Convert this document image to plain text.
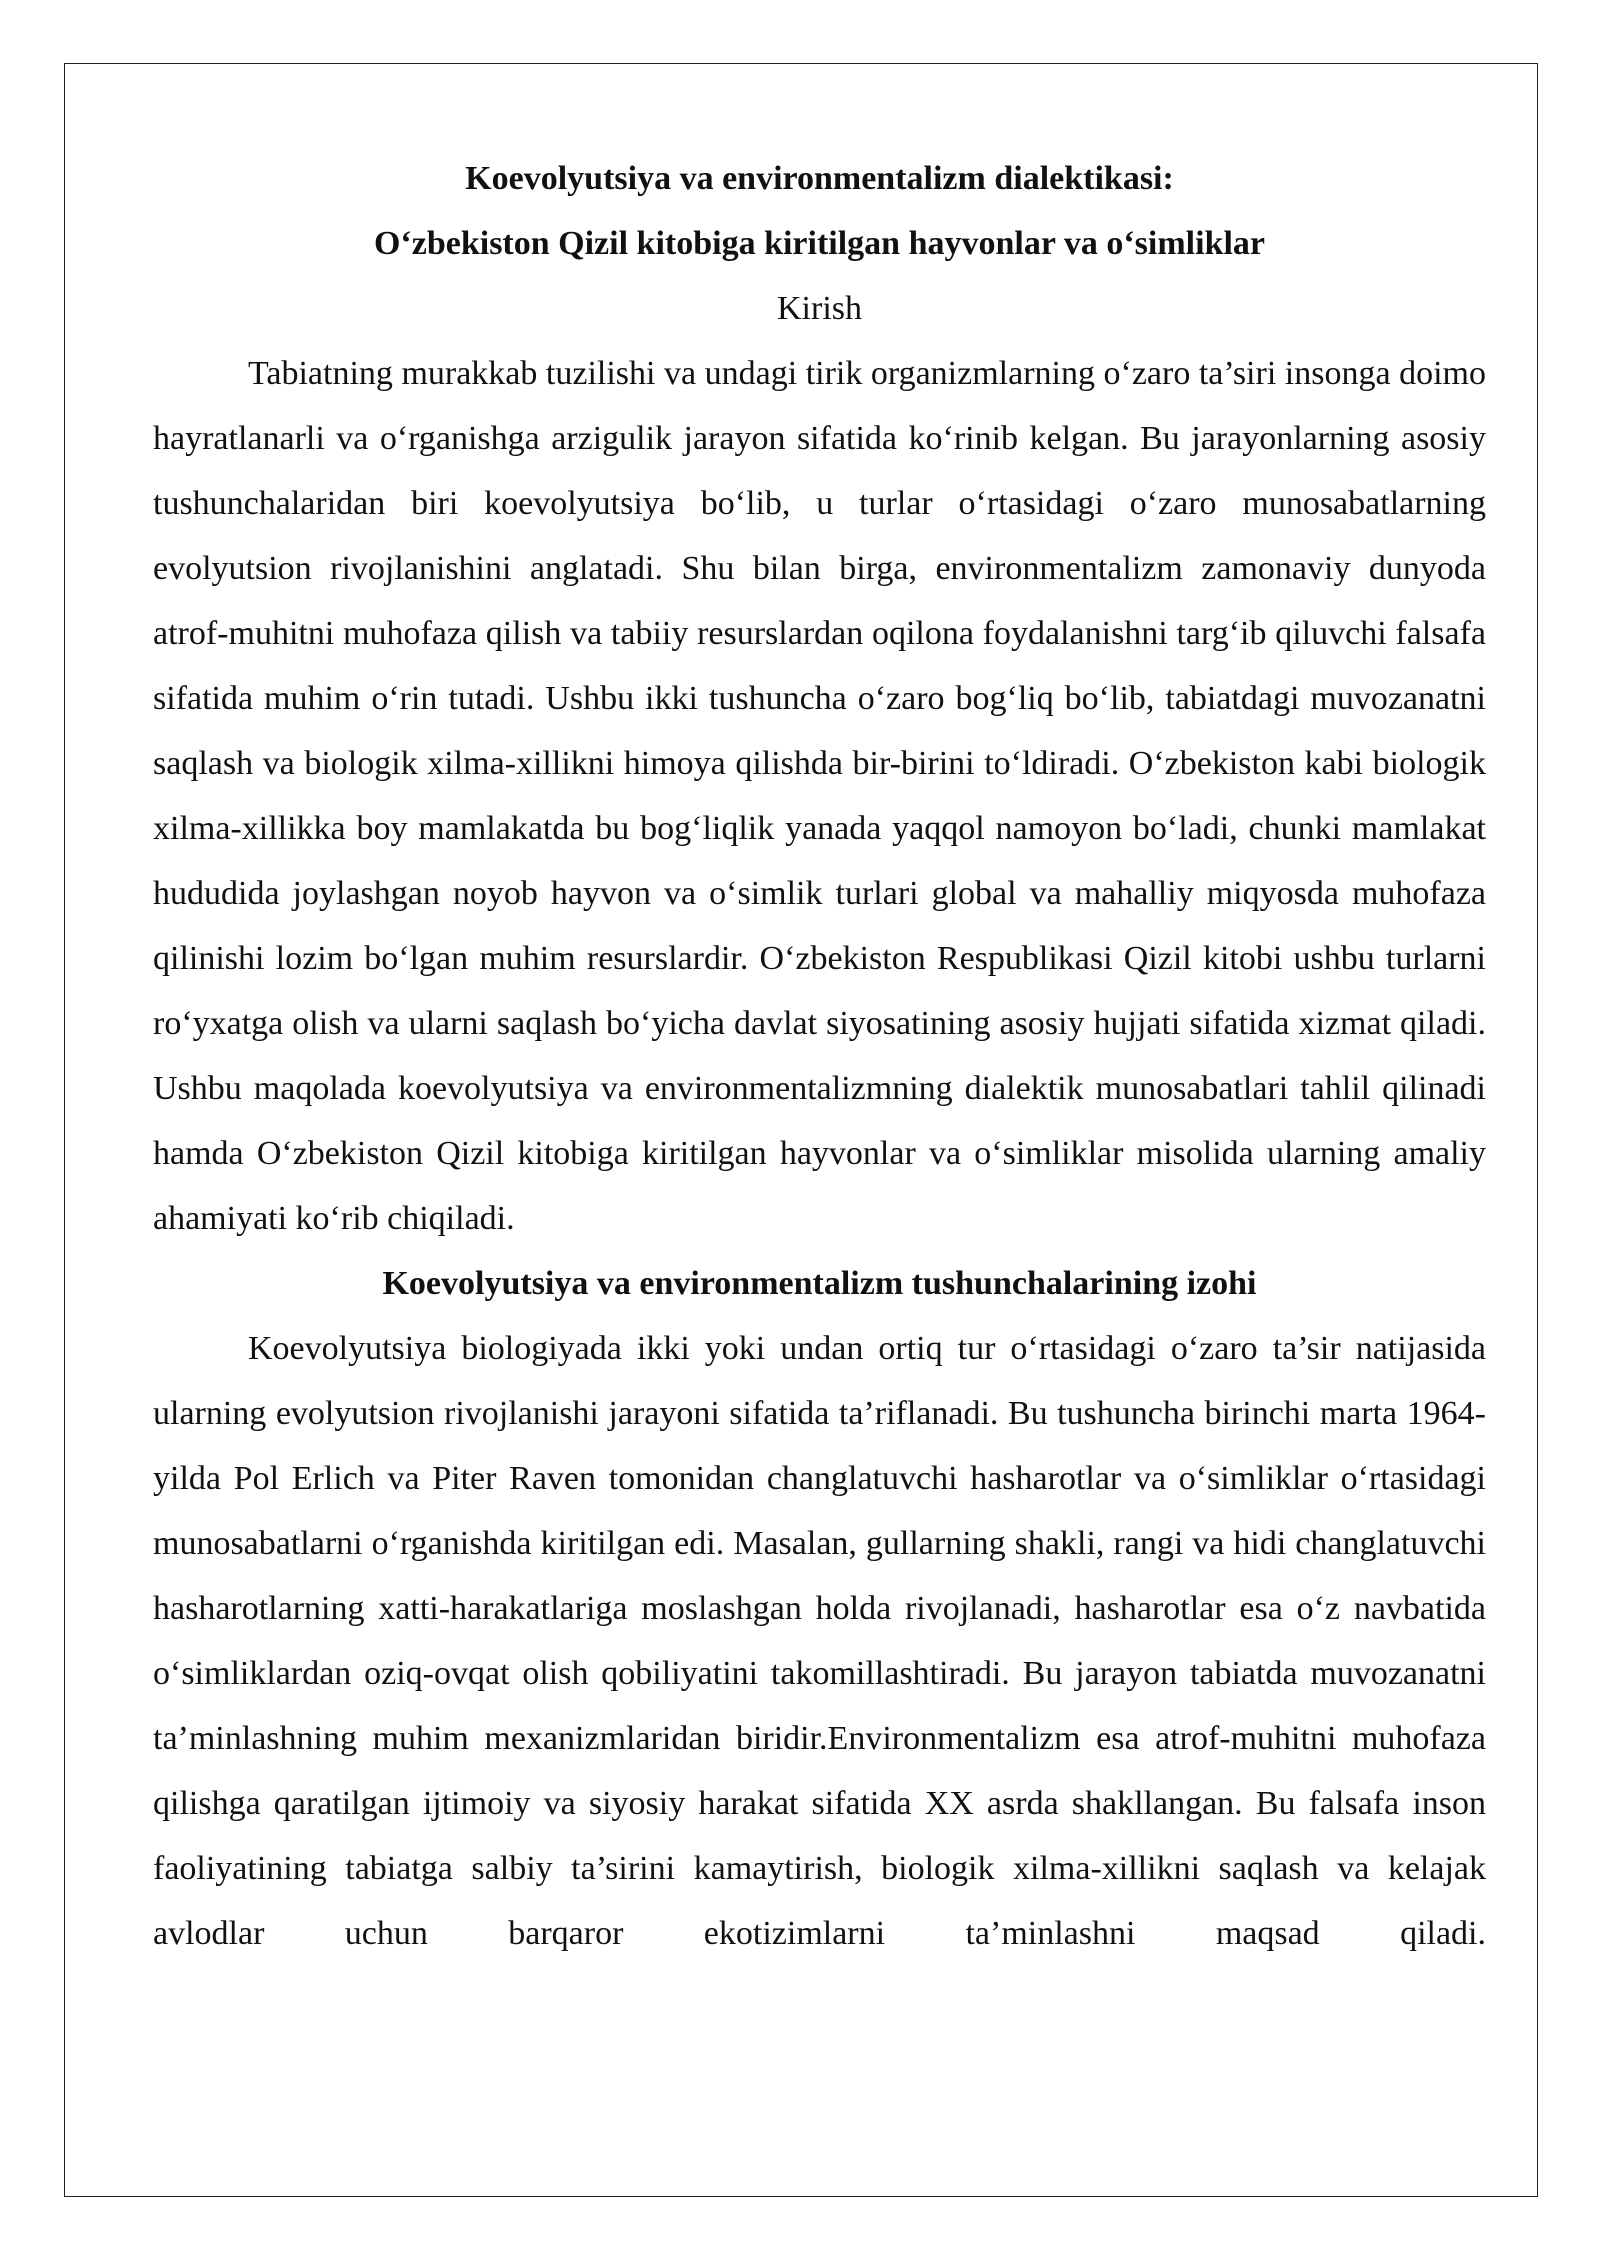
Koevolyutsiya va environmentalizm dialektikasi:

O‘zbekiston Qizil kitobiga kiritilgan hayvonlar va o‘simliklar

Kirish

Tabiatning murakkab tuzilishi va undagi tirik organizmlarning o‘zaro ta’siri insonga doimo hayratlanarli va o‘rganishga arzigulik jarayon sifatida ko‘rinib kelgan. Bu jarayonlarning asosiy tushunchalaridan biri koevolyutsiya bo‘lib, u turlar o‘rtasidagi o‘zaro munosabatlarning evolyutsion rivojlanishini anglatadi. Shu bilan birga, environmentalizm zamonaviy dunyoda atrof-muhitni muhofaza qilish va tabiiy resurslardan oqilona foydalanishni targ‘ib qiluvchi falsafa sifatida muhim o‘rin tutadi. Ushbu ikki tushuncha o‘zaro bog‘liq bo‘lib, tabiatdagi muvozanatni saqlash va biologik xilma-xillikni himoya qilishda bir-birini to‘ldiradi. O‘zbekiston kabi biologik xilma-xillikka boy mamlakatda bu bog‘liqlik yanada yaqqol namoyon bo‘ladi, chunki mamlakat hududida joylashgan noyob hayvon va o‘simlik turlari global va mahalliy miqyosda muhofaza qilinishi lozim bo‘lgan muhim resurslardir. O‘zbekiston Respublikasi Qizil kitobi ushbu turlarni ro‘yxatga olish va ularni saqlash bo‘yicha davlat siyosatining asosiy hujjati sifatida xizmat qiladi. Ushbu maqolada koevolyutsiya va environmentalizmning dialektik munosabatlari tahlil qilinadi hamda O‘zbekiston Qizil kitobiga kiritilgan hayvonlar va o‘simliklar misolida ularning amaliy ahamiyati ko‘rib chiqiladi.

Koevolyutsiya va environmentalizm tushunchalarining izohi

Koevolyutsiya biologiyada ikki yoki undan ortiq tur o‘rtasidagi o‘zaro ta’sir natijasida ularning evolyutsion rivojlanishi jarayoni sifatida ta’riflanadi. Bu tushuncha birinchi marta 1964-yilda Pol Erlich va Piter Raven tomonidan changlatuvchi hasharotlar va o‘simliklar o‘rtasidagi munosabatlarni o‘rganishda kiritilgan edi. Masalan, gullarning shakli, rangi va hidi changlatuvchi hasharotlarning xatti-harakatlariga moslashgan holda rivojlanadi, hasharotlar esa o‘z navbatida o‘simliklardan oziq-ovqat olish qobiliyatini takomillashtiradi. Bu jarayon tabiatda muvozanatni ta’minlashning muhim mexanizmlaridan biridir.Environmentalizm esa atrof-muhitni muhofaza qilishga qaratilgan ijtimoiy va siyosiy harakat sifatida XX asrda shakllangan. Bu falsafa inson faoliyatining tabiatga salbiy ta’sirini kamaytirish, biologik xilma-xillikni saqlash va kelajak avlodlar uchun barqaror ekotizimlarni ta’minlashni maqsad qiladi.
